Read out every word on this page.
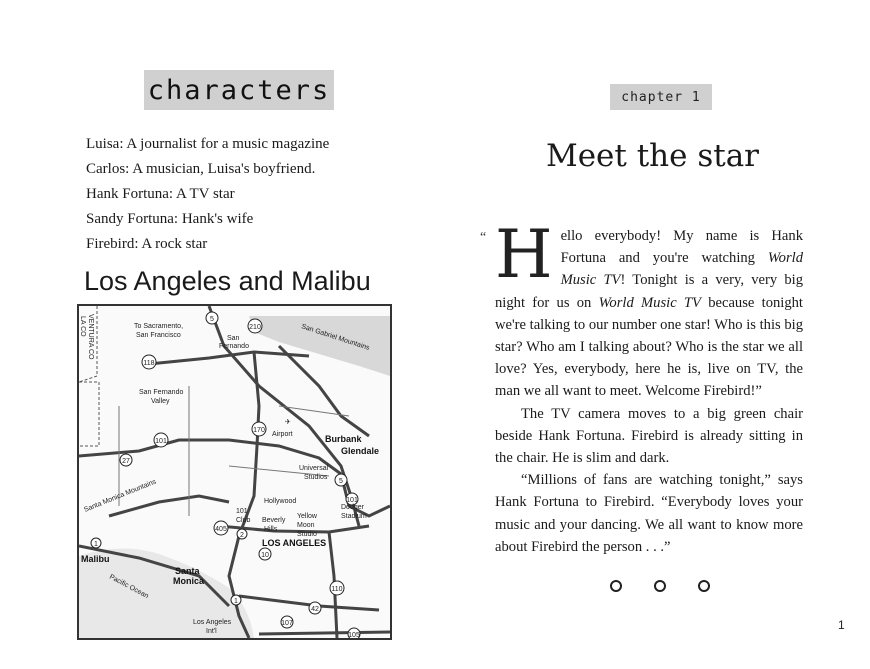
characters
Luisa: A journalist for a music magazine
Carlos: A musician, Luisa's boyfriend.
Hank Fortuna: A TV star
Sandy Fortuna: Hank's wife
Firebird: A rock star
Los Angeles and Malibu
5
210
118
170
101
27
5
101
405
2
10
1
110
42
1
105
107
To Sacramento,
San Francisco	San
Fernando	San Gabriel Mountains
San Fernando
Valley
Airport
✈
Burbank
Glendale
Universal
Studios
Santa Monica Mountains	Hollywood
Dodger
Stadium
101
Club Beverly
Hills
Yellow
Moon
Studio
LOS ANGELES
Malibu
Santa
Monica
Pacific Ocean
Los Angeles
Int'l
LA CO VENTURA CO
chapter 1
Meet the star
“ Hello everybody! My name is Hank Fortuna and you're watching World Music TV! Tonight is a very, very big night for us on World Music TV because tonight we're talking to our number one star! Who is this big star? Who am I talking about? Who is the star we all love? Yes, everybody, here he is, live on TV, the man we all want to meet. Welcome Firebird!”

The TV camera moves to a big green chair beside Hank Fortuna. Firebird is already sitting in the chair. He is slim and dark.

“Millions of fans are watching tonight,” says Hank Fortuna to Firebird. “Everybody loves your music and your dancing. We all want to know more about Firebird the person . . .”

1
